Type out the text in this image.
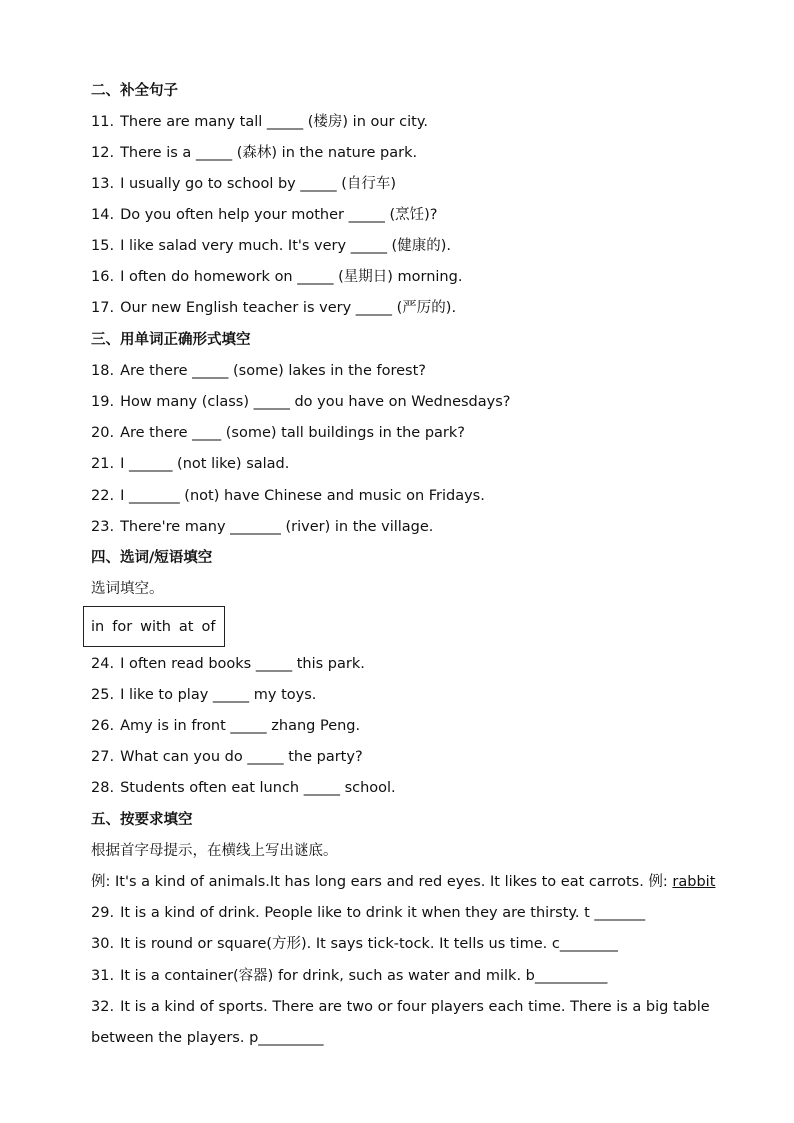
二、补全句子
11. There are many tall _____ (楼房) in our city.
12. There is a _____ (森林) in the nature park.
13. I usually go to school by _____ (自行车)
14. Do you often help your mother _____ (烹饪)?
15. I like salad very much. It's very _____ (健康的).
16. I often do homework on _____ (星期日) morning.
17. Our new English teacher is very _____ (严厉的).
三、用单词正确形式填空
18. Are there _____ (some) lakes in the forest?
19. How many (class) _____ do you have on Wednesdays?
20. Are there ____ (some) tall buildings in the park?
21. I ______ (not like) salad.
22. I _______ (not) have Chinese and music on Fridays.
23. There're many _______ (river) in the village.
四、选词/短语填空
选词填空。
in for with at of
24. I often read books _____ this park.
25. I like to play _____ my toys.
26. Amy is in front _____ zhang Peng.
27. What can you do _____ the party?
28. Students often eat lunch _____ school.
五、按要求填空
根据首字母提示，在横线上写出谜底。
例: It's a kind of animals.It has long ears and red eyes. It likes to eat carrots. 例: rabbit
29. It is a kind of drink. People like to drink it when they are thirsty. t _______
30. It is round or square(方形). It says tick-tock. It tells us time. c________
31. It is a container(容器) for drink, such as water and milk. b__________
32. It is a kind of sports. There are two or four players each time. There is a big table
between the players. p_________
